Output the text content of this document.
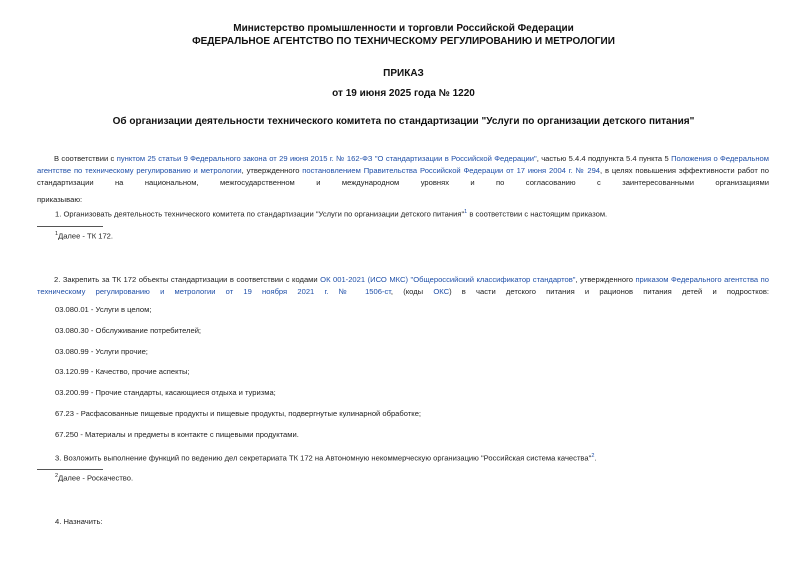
Министерство промышленности и торговли Российской Федерации
ФЕДЕРАЛЬНОЕ АГЕНТСТВО ПО ТЕХНИЧЕСКОМУ РЕГУЛИРОВАНИЮ И МЕТРОЛОГИИ
ПРИКАЗ
от 19 июня 2025 года № 1220
Об организации деятельности технического комитета по стандартизации "Услуги по организации детского питания"
В соответствии с пунктом 25 статьи 9 Федерального закона от 29 июня 2015 г. № 162-ФЗ "О стандартизации в Российской Федерации", частью 5.4.4 подпункта 5.4 пункта 5 Положения о Федеральном агентстве по техническому регулированию и метрологии, утвержденного постановлением Правительства Российской Федерации от 17 июня 2004 г. № 294, в целях повышения эффективности работ по стандартизации на национальном, межгосударственном и международном уровнях и по согласованию с заинтересованными организациями
приказываю:
1. Организовать деятельность технического комитета по стандартизации "Услуги по организации детского питания"$^1$ в соответствии с настоящим приказом.
$^1$Далее - ТК 172.
2. Закрепить за ТК 172 объекты стандартизации в соответствии с кодами ОК 001-2021 (ИСО МКС) "Общероссийский классификатор стандартов", утвержденного приказом Федерального агентства по техническому регулированию и метрологии от 19 ноября 2021 г. № 1506-ст, (коды ОКС) в части детского питания и рационов питания детей и подростков:
03.080.01 - Услуги в целом;
03.080.30 - Обслуживание потребителей;
03.080.99 - Услуги прочие;
03.120.99 - Качество, прочие аспекты;
03.200.99 - Прочие стандарты, касающиеся отдыха и туризма;
67.23 - Расфасованные пищевые продукты и пищевые продукты, подвергнутые кулинарной обработке;
67.250 - Материалы и предметы в контакте с пищевыми продуктами.
3. Возложить выполнение функций по ведению дел секретариата ТК 172 на Автономную некоммерческую организацию "Российская система качества"$^2$.
$^2$Далее - Роскачество.
4. Назначить:
